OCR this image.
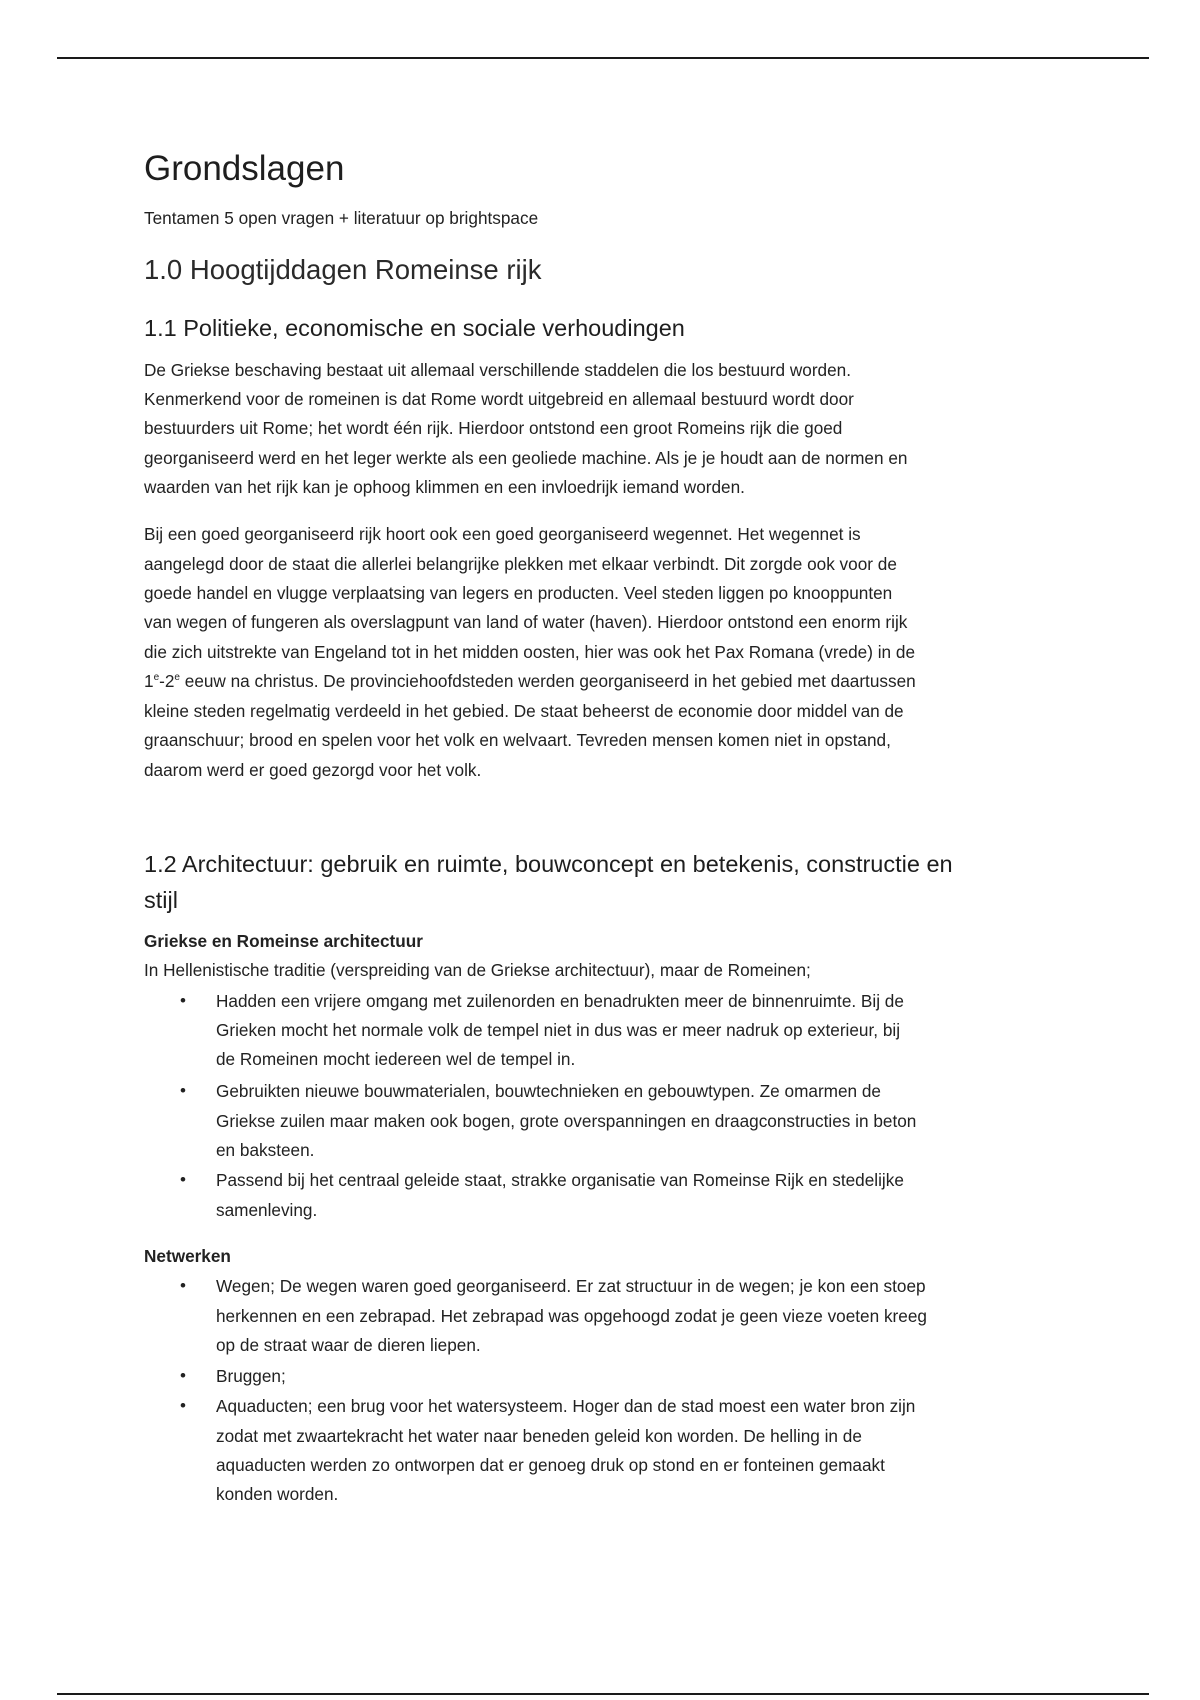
Grondslagen
Tentamen 5 open vragen + literatuur op brightspace
1.0 Hoogtijddagen Romeinse rijk
1.1 Politieke, economische en sociale verhoudingen
De Griekse beschaving bestaat uit allemaal verschillende staddelen die los bestuurd worden.
Kenmerkend voor de romeinen is dat Rome wordt uitgebreid en allemaal bestuurd wordt door
bestuurders uit Rome; het wordt één rijk. Hierdoor ontstond een groot Romeins rijk die goed
georganiseerd werd en het leger werkte als een geoliede machine. Als je je houdt aan de normen en
waarden van het rijk kan je ophoog klimmen en een invloedrijk iemand worden.
Bij een goed georganiseerd rijk hoort ook een goed georganiseerd wegennet. Het wegennet is
aangelegd door de staat die allerlei belangrijke plekken met elkaar verbindt. Dit zorgde ook voor de
goede handel en vlugge verplaatsing van legers en producten. Veel steden liggen po knooppunten
van wegen of fungeren als overslagpunt van land of water (haven). Hierdoor ontstond een enorm rijk
die zich uitstrekte van Engeland tot in het midden oosten, hier was ook het Pax Romana (vrede) in de
1e-2e eeuw na christus. De provinciehoofdsteden werden georganiseerd in het gebied met daartussen
kleine steden regelmatig verdeeld in het gebied. De staat beheerst de economie door middel van de
graanschuur; brood en spelen voor het volk en welvaart. Tevreden mensen komen niet in opstand,
daarom werd er goed gezorgd voor het volk.
1.2 Architectuur: gebruik en ruimte, bouwconcept en betekenis, constructie en
stijl
Griekse en Romeinse architectuur
In Hellenistische traditie (verspreiding van de Griekse architectuur), maar de Romeinen;
• Hadden een vrijere omgang met zuilenorden en benadrukten meer de binnenruimte. Bij de
Grieken mocht het normale volk de tempel niet in dus was er meer nadruk op exterieur, bij
de Romeinen mocht iedereen wel de tempel in.
• Gebruikten nieuwe bouwmaterialen, bouwtechnieken en gebouwtypen. Ze omarmen de
Griekse zuilen maar maken ook bogen, grote overspanningen en draagconstructies in beton
en baksteen.
• Passend bij het centraal geleide staat, strakke organisatie van Romeinse Rijk en stedelijke
samenleving.
Netwerken
• Wegen; De wegen waren goed georganiseerd. Er zat structuur in de wegen; je kon een stoep
herkennen en een zebrapad. Het zebrapad was opgehoogd zodat je geen vieze voeten kreeg
op de straat waar de dieren liepen.
• Bruggen;
• Aquaducten; een brug voor het watersysteem. Hoger dan de stad moest een water bron zijn
zodat met zwaartekracht het water naar beneden geleid kon worden. De helling in de
aquaducten werden zo ontworpen dat er genoeg druk op stond en er fonteinen gemaakt
konden worden.
